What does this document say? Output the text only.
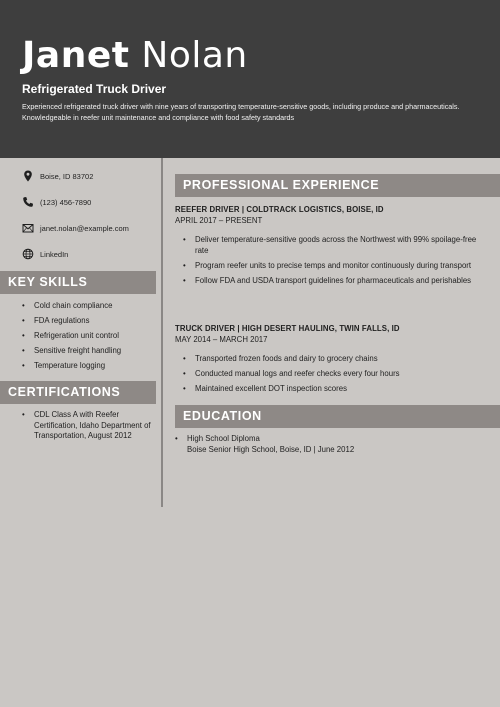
Janet Nolan
Refrigerated Truck Driver
Experienced refrigerated truck driver with nine years of transporting temperature-sensitive goods, including produce and pharmaceuticals. Knowledgeable in reefer unit maintenance and compliance with food safety standards
Boise, ID 83702
(123) 456-7890
janet.nolan@example.com
LinkedIn
KEY SKILLS
• Cold chain compliance
• FDA regulations
• Refrigeration unit control
• Sensitive freight handling
• Temperature logging
CERTIFICATIONS
• CDL Class A with Reefer Certification, Idaho Department of Transportation, August 2012
PROFESSIONAL EXPERIENCE
REEFER DRIVER | COLDTRACK LOGISTICS, BOISE, ID
APRIL 2017 – PRESENT
• Deliver temperature-sensitive goods across the Northwest with 99% spoilage-free rate
• Program reefer units to precise temps and monitor continuously during transport
• Follow FDA and USDA transport guidelines for pharmaceuticals and perishables
TRUCK DRIVER | HIGH DESERT HAULING, TWIN FALLS, ID
MAY 2014 – MARCH 2017
• Transported frozen foods and dairy to grocery chains
• Conducted manual logs and reefer checks every four hours
• Maintained excellent DOT inspection scores
EDUCATION
• High School Diploma
Boise Senior High School, Boise, ID | June 2012
